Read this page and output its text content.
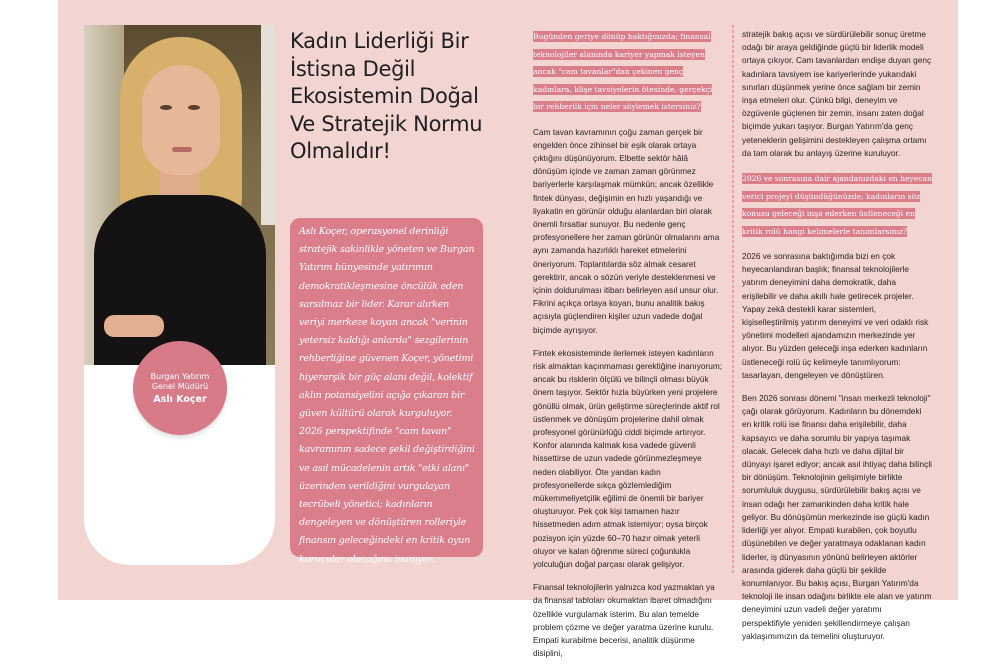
Burgan Yatırım
Genel Müdürü
Aslı Koçer
Kadın Liderliği Bir İstisna Değil Ekosistemin Doğal Ve Stratejik Normu Olmalıdır!
Aslı Koçer, operasyonel derinliği stratejik sakinlikle yöneten ve Burgan Yatırım bünyesinde yatırımın demokratikleşmesine öncülük eden sarsılmaz bir lider. Karar alırken veriyi merkeze koyan ancak "verinin yetersiz kaldığı anlarda" sezgilerinin rehberliğine güvenen Koçer, yönetimi hiyerarşik bir güç alanı değil, kolektif aklın potansiyelini açığa çıkaran bir güven kültürü olarak kurguluyor. 2026 perspektifinde "cam tavan" kavramının sadece şekil değiştirdiğini ve asıl mücadelenin artık "etki alanı" üzerinden verildiğini vurgulayan tecrübeli yönetici; kadınların dengeleyen ve dönüştüren rolleriyle finansın geleceğindeki en kritik oyun kurucular olacağına inanıyor.
Bugünden geriye dönüp baktığınızda; finansal teknolojiler alanında kariyer yapmak isteyen ancak "cam tavanlar"dan çekinen genç kadınlara, klişe tavsiyelerin ötesinde, gerçekçi bir rehberlik için neler söylemek istersiniz?

Cam tavan kavramının çoğu zaman gerçek bir engelden önce zihinsel bir eşik olarak ortaya çıktığını düşünüyorum. Elbette sektör hâlâ dönüşüm içinde ve zaman zaman görünmez bariyerlerle karşılaşmak mümkün; ancak özellikle fintek dünyası, değişimin en hızlı yaşandığı ve liyakatin en görünür olduğu alanlardan biri olarak önemli fırsatlar sunuyor. Bu nedenle genç profesyonellere her zaman görünür olmalarını ama aynı zamanda hazırlıklı hareket etmelerini öneriyorum. Toplantılarda söz almak cesaret gerektirir, ancak o sözün veriyle desteklenmesi ve içinin doldurulması itibarı belirleyen asıl unsur olur. Fikrini açıkça ortaya koyan, bunu analitik bakış açısıyla güçlendiren kişiler uzun vadede doğal biçimde ayrışıyor.

Fintek ekosisteminde ilerlemek isteyen kadınların risk almaktan kaçınmaması gerektiğine inanıyorum; ancak bu risklerin ölçülü ve bilinçli olması büyük önem taşıyor. Sektör hızla büyürken yeni projelere gönüllü olmak, ürün geliştirme süreçlerinde aktif rol üstlenmek ve dönüşüm projelerine dahil olmak profesyonel görünürlüğü ciddi biçimde artırıyor. Konfor alanında kalmak kısa vadede güvenli hissettirse de uzun vadede görünmezleşmeye neden olabiliyor. Öte yandan kadın profesyonellerde sıkça gözlemlediğim mükemmeliyetçilik eğilimi de önemli bir bariyer oluşturuyor. Pek çok kişi tamamen hazır hissetmeden adım atmak istemiyor; oysa birçok pozisyon için yüzde 60–70 hazır olmak yeterli oluyor ve kalan öğrenme süreci çoğunlukla yolculuğun doğal parçası olarak gelişiyor.

Finansal teknolojilerin yalnızca kod yazmaktan ya da finansal tabloları okumaktan ibaret olmadığını özellikle vurgulamak isterim. Bu alan temelde problem çözme ve değer yaratma üzerine kurulu. Empati kurabilme becerisi, analitik düşünme disiplini,

stratejik bakış açısı ve sürdürülebilir sonuç üretme odağı bir araya geldiğinde güçlü bir liderlik modeli ortaya çıkıyor. Cam tavanlardan endişe duyan genç kadınlara tavsiyem ise kariyerlerinde yukarıdaki sınırları düşünmek yerine önce sağlam bir zemin inşa etmeleri olur. Çünkü bilgi, deneyim ve özgüvenle güçlenen bir zemin, insanı zaten doğal biçimde yukarı taşıyor. Burgan Yatırım'da genç yeteneklerin gelişimini destekleyen çalışma ortamı da tam olarak bu anlayış üzerine kuruluyor.

2026 ve sonrasına dair ajandanızdaki en heyecan verici projeyi düşündüğünüzde; kadınların söz konusu geleceği inşa ederken üstleneceği en kritik rolü hangi kelimelerle tanımlarsınız?

2026 ve sonrasına baktığımda bizi en çok heyecanlandıran başlık; finansal teknolojilerle yatırım deneyimini daha demokratik, daha erişilebilir ve daha akıllı hale getirecek projeler. Yapay zekâ destekli karar sistemleri, kişiselleştirilmiş yatırım deneyimi ve veri odaklı risk yönetimi modelleri ajandamızın merkezinde yer alıyor. Bu yüzden geleceği inşa ederken kadınların üstleneceği rolü üç kelimeyle tanımlıyorum: tasarlayan, dengeleyen ve dönüştüren.

Ben 2026 sonrası dönemi "insan merkezli teknoloji" çağı olarak görüyorum. Kadınların bu dönemdeki en kritik rolü ise finansı daha erişilebilir, daha kapsayıcı ve daha sorumlu bir yapıya taşımak olacak. Gelecek daha hızlı ve daha dijital bir dünyayı işaret ediyor; ancak asıl ihtiyaç daha bilinçli bir dönüşüm. Teknolojinin gelişimiyle birlikte sorumluluk duygusu, sürdürülebilir bakış açısı ve insan odağı her zamankinden daha kritik hale geliyor. Bu dönüşümün merkezinde ise güçlü kadın liderliği yer alıyor. Empati kurabilen, çok boyutlu düşünebilen ve değer yaratmaya odaklanan kadın liderler, iş dünyasının yönünü belirleyen aktörler arasında giderek daha güçlü bir şekilde konumlanıyor. Bu bakış açısı, Burgan Yatırım'da teknoloji ile insan odağını birlikte ele alan ve yatırım deneyimini uzun vadeli değer yaratımı perspektifiyle yeniden şekillendirmeye çalışan yaklaşımımızın da temelini oluşturuyor.
